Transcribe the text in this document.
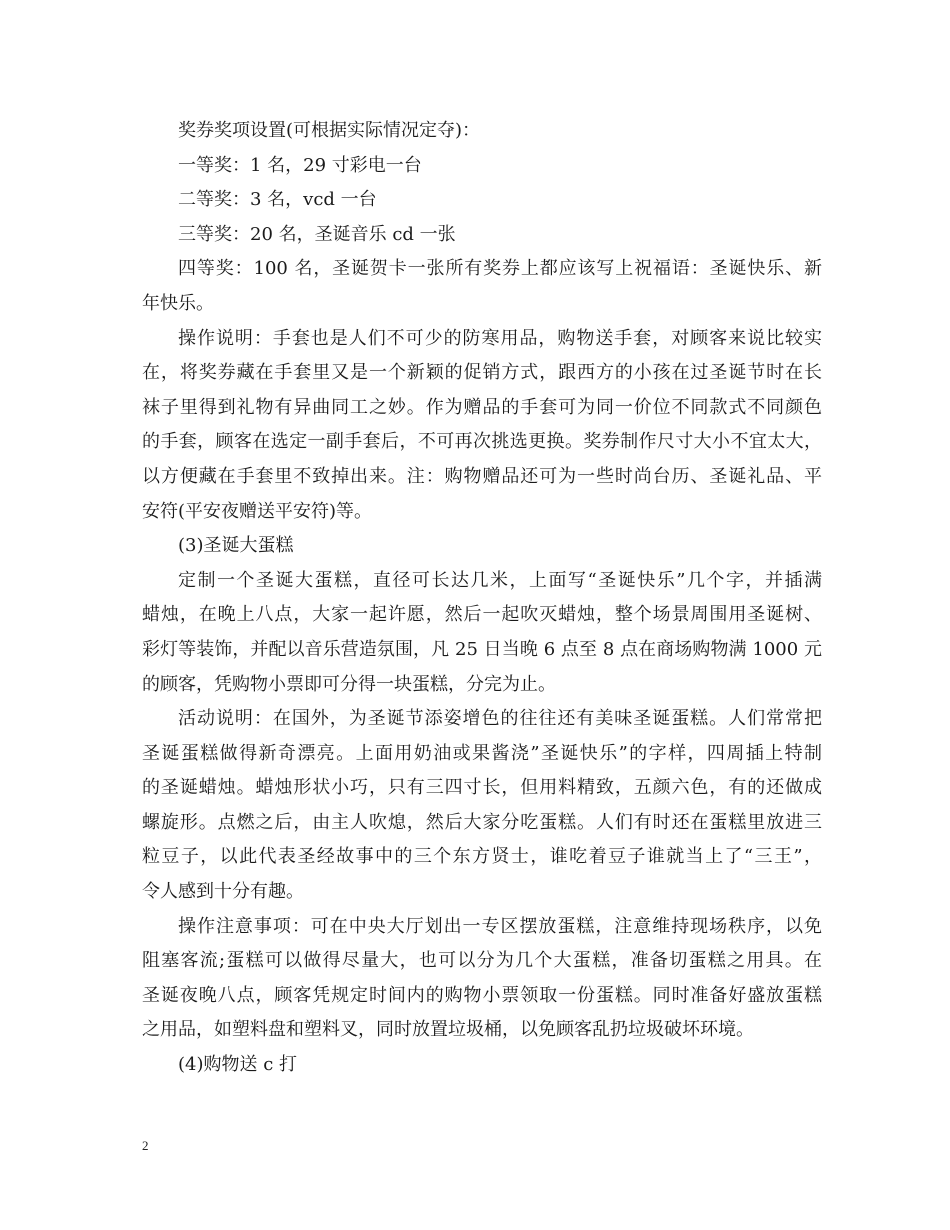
奖券奖项设置(可根据实际情况定夺)：
一等奖：1 名，29 寸彩电一台
二等奖：3 名，vcd 一台
三等奖：20 名，圣诞音乐 cd 一张
四等奖：100 名，圣诞贺卡一张所有奖券上都应该写上祝福语：圣诞快乐、新
年快乐。
操作说明：手套也是人们不可少的防寒用品，购物送手套，对顾客来说比较实
在，将奖券藏在手套里又是一个新颖的促销方式，跟西方的小孩在过圣诞节时在长
袜子里得到礼物有异曲同工之妙。作为赠品的手套可为同一价位不同款式不同颜色
的手套，顾客在选定一副手套后，不可再次挑选更换。奖券制作尺寸大小不宜太大，
以方便藏在手套里不致掉出来。注：购物赠品还可为一些时尚台历、圣诞礼品、平
安符(平安夜赠送平安符)等。
(3)圣诞大蛋糕
定制一个圣诞大蛋糕，直径可长达几米，上面写“圣诞快乐”几个字，并插满
蜡烛，在晚上八点，大家一起许愿，然后一起吹灭蜡烛，整个场景周围用圣诞树、
彩灯等装饰，并配以音乐营造氛围，凡 25 日当晚 6 点至 8 点在商场购物满 1000 元
的顾客，凭购物小票即可分得一块蛋糕，分完为止。
活动说明：在国外，为圣诞节添姿增色的往往还有美味圣诞蛋糕。人们常常把
圣诞蛋糕做得新奇漂亮。上面用奶油或果酱浇”圣诞快乐”的字样，四周插上特制
的圣诞蜡烛。蜡烛形状小巧，只有三四寸长，但用料精致，五颜六色，有的还做成
螺旋形。点燃之后，由主人吹熄，然后大家分吃蛋糕。人们有时还在蛋糕里放进三
粒豆子，以此代表圣经故事中的三个东方贤士，谁吃着豆子谁就当上了“三王”，
令人感到十分有趣。
操作注意事项：可在中央大厅划出一专区摆放蛋糕，注意维持现场秩序，以免
阻塞客流;蛋糕可以做得尽量大，也可以分为几个大蛋糕，准备切蛋糕之用具。在
圣诞夜晚八点，顾客凭规定时间内的购物小票领取一份蛋糕。同时准备好盛放蛋糕
之用品，如塑料盘和塑料叉，同时放置垃圾桶，以免顾客乱扔垃圾破坏环境。
(4)购物送 c 打
2
